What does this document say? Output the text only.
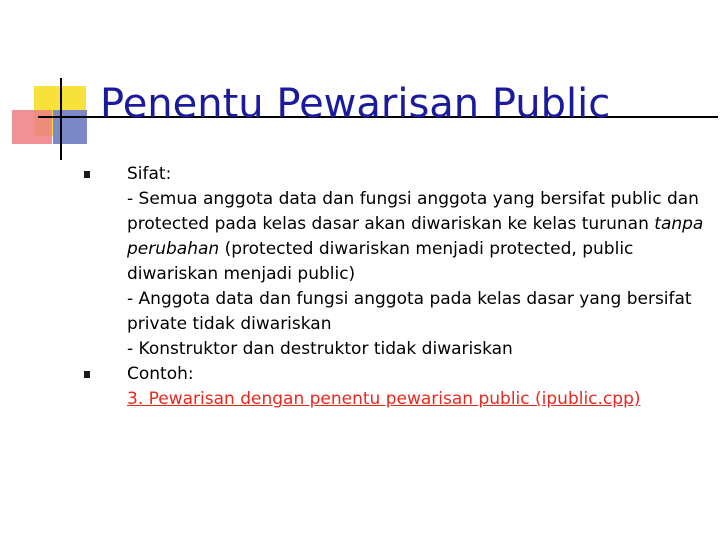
Penentu Pewarisan Public
Sifat:
- Semua anggota data dan fungsi anggota yang bersifat public dan protected pada kelas dasar akan diwariskan ke kelas turunan tanpa perubahan (protected diwariskan menjadi protected, public diwariskan menjadi public)
- Anggota data dan fungsi anggota pada kelas dasar yang bersifat private tidak diwariskan
- Konstruktor dan destruktor tidak diwariskan
Contoh:
3. Pewarisan dengan penentu pewarisan public (ipublic.cpp)
